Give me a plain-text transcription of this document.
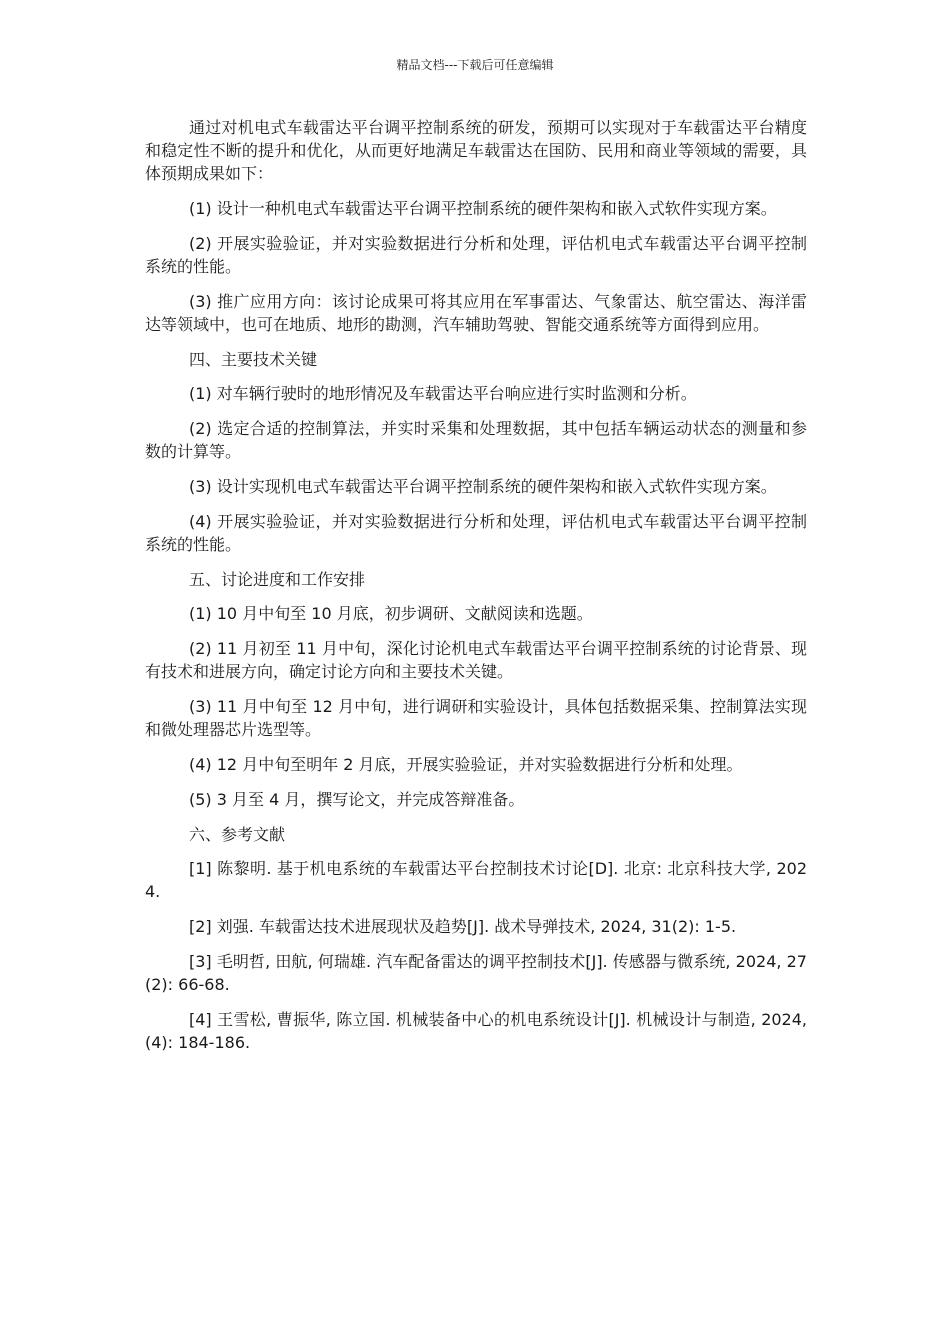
精品文档---下载后可任意编辑

通过对机电式车载雷达平台调平控制系统的研发，预期可以实现对于车载雷达平台精度和稳定性不断的提升和优化，从而更好地满足车载雷达在国防、民用和商业等领域的需要，具体预期成果如下：

(1) 设计一种机电式车载雷达平台调平控制系统的硬件架构和嵌入式软件实现方案。

(2) 开展实验验证，并对实验数据进行分析和处理，评估机电式车载雷达平台调平控制系统的性能。

(3) 推广应用方向：该讨论成果可将其应用在军事雷达、气象雷达、航空雷达、海洋雷达等领域中，也可在地质、地形的勘测，汽车辅助驾驶、智能交通系统等方面得到应用。

四、主要技术关键

(1) 对车辆行驶时的地形情况及车载雷达平台响应进行实时监测和分析。

(2) 选定合适的控制算法，并实时采集和处理数据，其中包括车辆运动状态的测量和参数的计算等。

(3) 设计实现机电式车载雷达平台调平控制系统的硬件架构和嵌入式软件实现方案。

(4) 开展实验验证，并对实验数据进行分析和处理，评估机电式车载雷达平台调平控制系统的性能。

五、讨论进度和工作安排

(1) 10 月中旬至 10 月底，初步调研、文献阅读和选题。

(2) 11 月初至 11 月中旬，深化讨论机电式车载雷达平台调平控制系统的讨论背景、现有技术和进展方向，确定讨论方向和主要技术关键。

(3) 11 月中旬至 12 月中旬，进行调研和实验设计，具体包括数据采集、控制算法实现和微处理器芯片选型等。

(4) 12 月中旬至明年 2 月底，开展实验验证，并对实验数据进行分析和处理。

(5) 3 月至 4 月，撰写论文，并完成答辩准备。

六、参考文献

[1] 陈黎明. 基于机电系统的车载雷达平台控制技术讨论[D]. 北京: 北京科技大学, 2024.

[2] 刘强. 车载雷达技术进展现状及趋势[J]. 战术导弹技术, 2024, 31(2): 1-5.

[3] 毛明哲, 田航, 何瑞雄. 汽车配备雷达的调平控制技术[J]. 传感器与微系统, 2024, 27(2): 66-68.

[4] 王雪松, 曹振华, 陈立国. 机械装备中心的机电系统设计[J]. 机械设计与制造, 2024, (4): 184-186.
